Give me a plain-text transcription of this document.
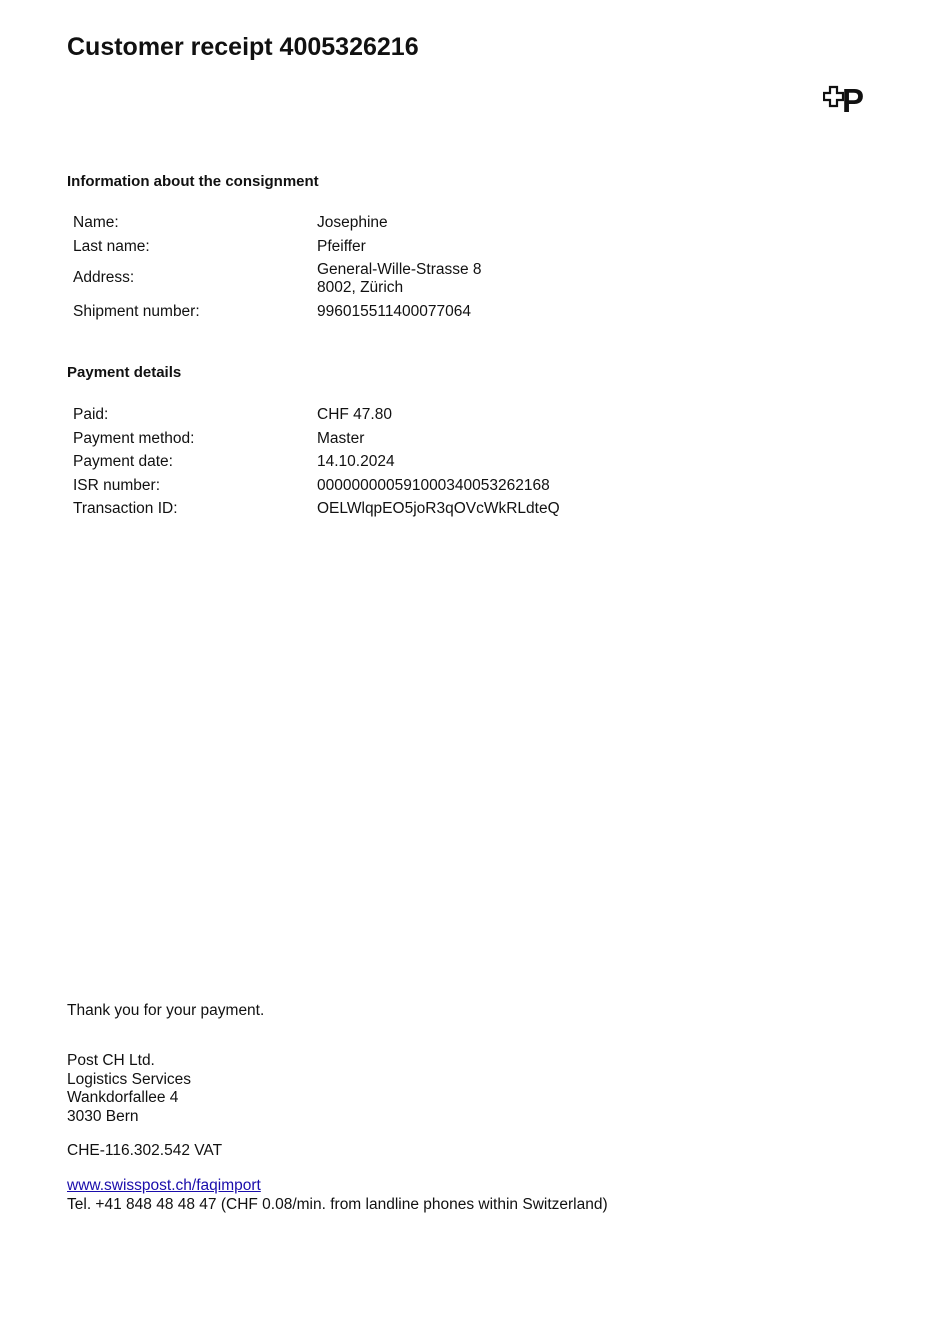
Customer receipt 4005326216
P
Information about the consignment
Name:	Josephine
Last name:	Pfeiffer
Address:	General-Wille-Strasse 8
8002, Zürich
Shipment number:	996015511400077064
Payment details
Paid:	CHF 47.80
Payment method:	Master
Payment date:	14.10.2024
ISR number:	000000000591000340053262168
Transaction ID:	OELWlqpEO5joR3qOVcWkRLdteQ

Thank you for your payment.

Post CH Ltd.

Logistics Services

Wankdorfallee 4

3030 Bern

CHE-116.302.542 VAT

www.swisspost.ch/faqimport

Tel. +41 848 48 48 47 (CHF 0.08/min. from landline phones within Switzerland)
